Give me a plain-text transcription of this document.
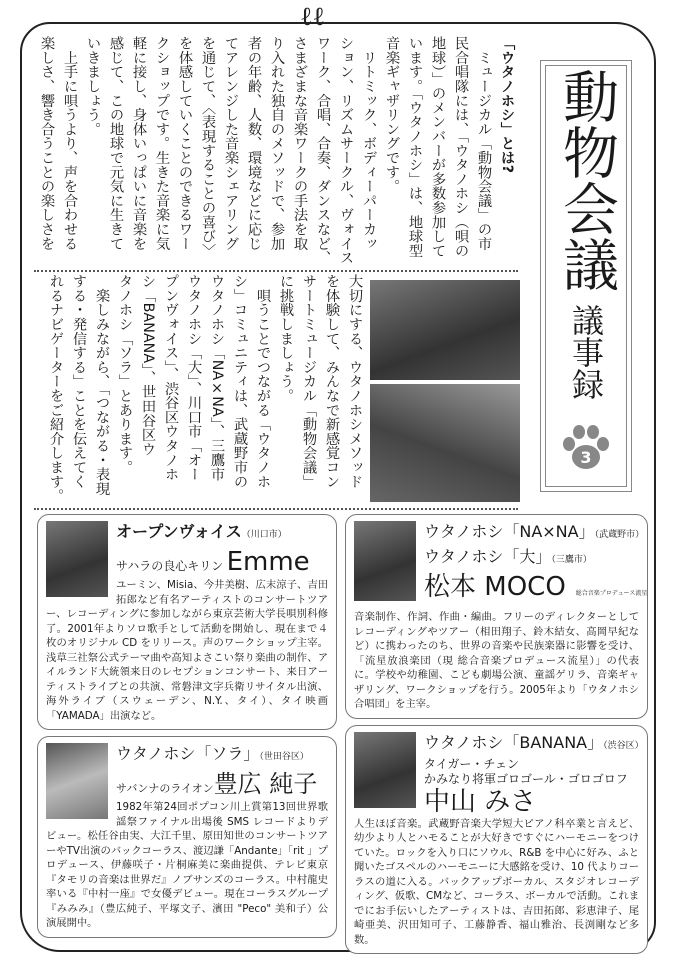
ℓℓ
「ウタノホシ」とは?
　ミュージカル「動物会議」の市
民合唱隊には、「ウタノホシ（唄の
地球）」のメンバーが多数参加して
います。「ウタノホシ」は、地球型
音楽ギャザリングです。
　リトミック、ボディーパーカッ
ション、リズムサークル、ヴォイス
ワーク、合唱、合奏、ダンスなど、
さまざまな音楽ワークの手法を取
り入れた独自のメソッドで、参加
者の年齢、人数、環境などに応じ
てアレンジした音楽シェアリング
を通じて、〈表現することの喜び〉
を体感していくことのできるワー
クショップです。生きた音楽に気
軽に接し、身体いっぱいに音楽を
感じて、この地球で元気に生きて
いきましょう。
　上手に唄うより、声を合わせる
楽しさ、響き合うことの楽しさを
大切にする、ウタノホシメソッド
を体験して、みんなで新感覚コン
サートミュージカル「動物会議」
に挑戦しましょう。
　唄うことでつながる「ウタノホ
シ」コミュニティは、武蔵野市の
ウタノホシ「NA×NA」、三鷹市
ウタノホシ「大」、川口市「オー
プンヴォイス」、渋谷区ウタノホ
シ「BANANA」、世田谷区ウ
タノホシ「ソラ」とあります。
　楽しみながら、「つながる・表現
する・発信する」ことを伝えてく
れるナビゲーターをご紹介します。
動物会議
議事録
3
オープンヴォイス（川口市）
サハラの良心キリン Emme
ユーミン、Misia、今井美樹、広末涼子、吉田拓郎など有名アーティストのコンサートツアー、レコーディングに参加しながら東京芸術大学長唄別科修了。2001年よりソロ歌手として活動を開始し、現在まで４枚のオリジナル CD をリリース。声のワークショップ主宰。浅草三社祭公式テーマ曲や高知よさこい祭り楽曲の制作、アイルランド大統領来日のレセプションコンサート、来日アーティストライブとの共演、常磐津文字兵衛リサイタル出演、海外ライブ（スウェーデン、N.Y.、タイ）、タイ映画「YAMADA」出演など。
ウタノホシ「ソラ」（世田谷区）
サバンナのライオン豊広 純子
1982年第24回ポプコン川上賞第13回世界歌謡祭ファイナル出場後 SMS レコードよりデビュー。松任谷由実、大江千里、原田知世のコンサートツアーやTV出演のバックコーラス、渡辺謙「Andante」「rit 」プロデュース、伊藤咲子・片桐麻美に楽曲提供、テレビ東京『タモリの音楽は世界だ』ノブサンズのコーラス。中村龍史率いる『中村一座』で女優デビュー。現在コーラスグループ『みみみ』（豊広純子、平塚文子、濱田 "Peco" 美和子）公演展開中。
ウタノホシ「NA×NA」（武蔵野市）
ウタノホシ「大」（三鷹市）
松本 MOCO 総合音楽プロデュース流星
音楽制作、作詞、作曲・編曲。フリーのディレクターとしてレコーディングやツアー（相田翔子、鈴木結女、高岡早紀など）に携わったのち、世界の音楽や民族楽器に影響を受け、「流星放浪楽団（現 総合音楽プロデュース流星）」の代表に。学校や幼稚園、こども劇場公演、童謡ゲリラ、音楽ギャザリング、ワークショップを行う。2005年より「ウタノホシ合唱団」を主宰。
ウタノホシ「BANANA」（渋谷区）
タイガー・チェン
かみなり将軍ゴロゴール・ゴロゴロフ
中山 みさ
人生ほぼ音楽。武蔵野音楽大学短大ピアノ科卒業と言えど、幼少より人とハモることが大好きですぐにハーモニーをつけていた。ロックを入り口にソウル、R&B を中心に好み、ふと聞いたゴスペルのハーモニーに大感銘を受け、10 代よりコーラスの道に入る。バックアップボーカル、スタジオレコーディング、仮歌、CMなど、コーラス、ボーカルで活動。これまでにお手伝いしたアーティストは、吉田拓郎、彩恵津子、尾崎亜美、沢田知可子、工藤静香、福山雅治、長渕剛など多数。
